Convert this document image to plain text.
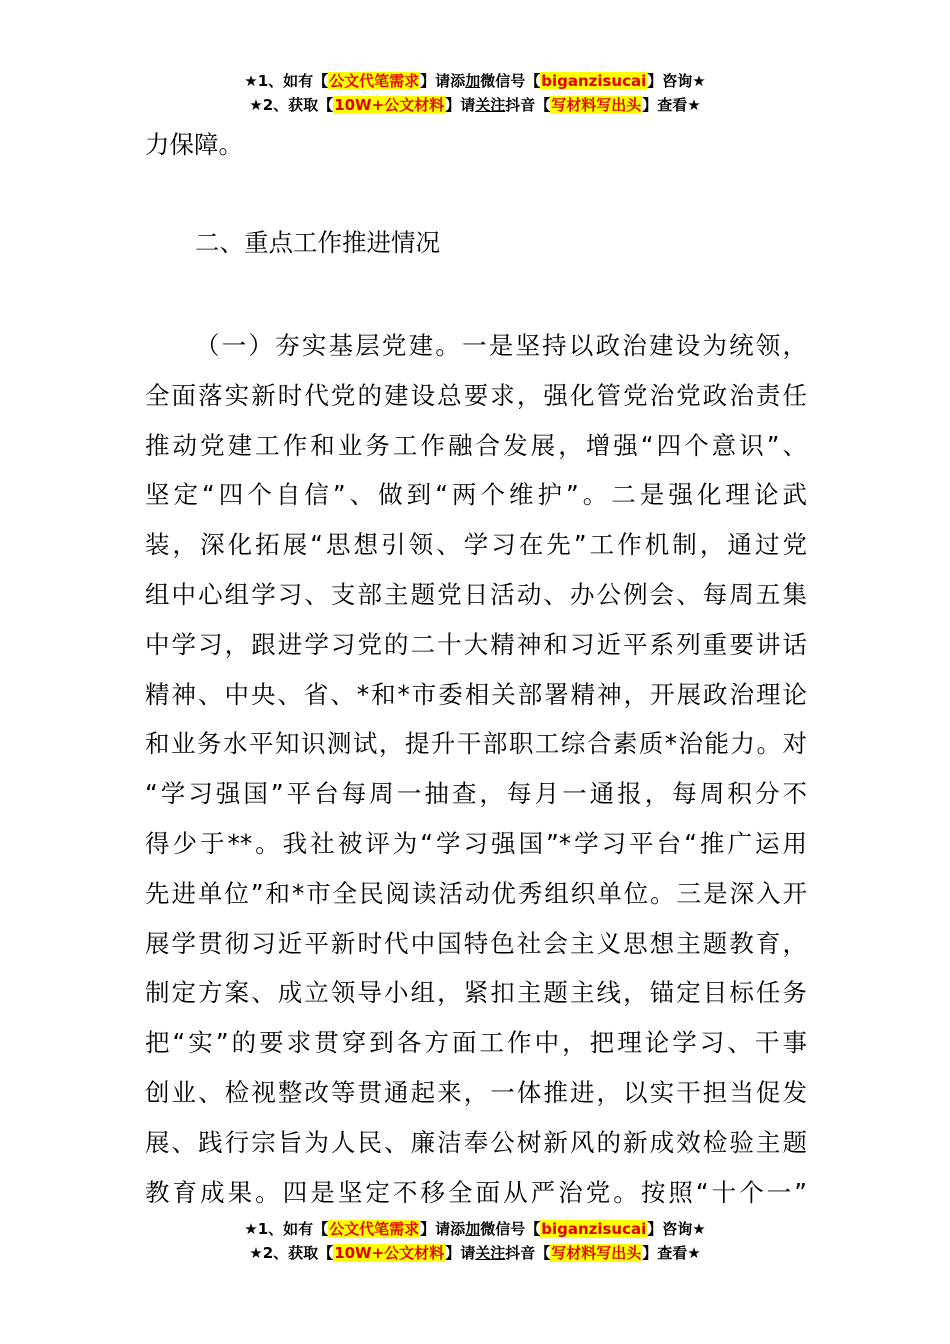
★1、如有【公文代笔需求】请添加微信号【biganzisucai】咨询★
★2、获取【10W+公文材料】请关注抖音【写材料写出头】查看★
力保障。
二、重点工作推进情况
（一）夯实基层党建。一是坚持以政治建设为统领，
全面落实新时代党的建设总要求，强化管党治党政治责任
推动党建工作和业务工作融合发展，增强“四个意识”、
坚定“四个自信”、做到“两个维护”。二是强化理论武
装，深化拓展“思想引领、学习在先”工作机制，通过党
组中心组学习、支部主题党日活动、办公例会、每周五集
中学习，跟进学习党的二十大精神和习近平系列重要讲话
精神、中央、省、*和*市委相关部署精神，开展政治理论
和业务水平知识测试，提升干部职工综合素质*治能力。对
“学习强国”平台每周一抽查，每月一通报，每周积分不
得少于**。我社被评为“学习强国”*学习平台“推广运用
先进单位”和*市全民阅读活动优秀组织单位。三是深入开
展学贯彻习近平新时代中国特色社会主义思想主题教育，
制定方案、成立领导小组，紧扣主题主线，锚定目标任务
把“实”的要求贯穿到各方面工作中，把理论学习、干事
创业、检视整改等贯通起来，一体推进，以实干担当促发
展、践行宗旨为人民、廉洁奉公树新风的新成效检验主题
教育成果。四是坚定不移全面从严治党。按照“十个一”
★1、如有【公文代笔需求】请添加微信号【biganzisucai】咨询★
★2、获取【10W+公文材料】请关注抖音【写材料写出头】查看★
